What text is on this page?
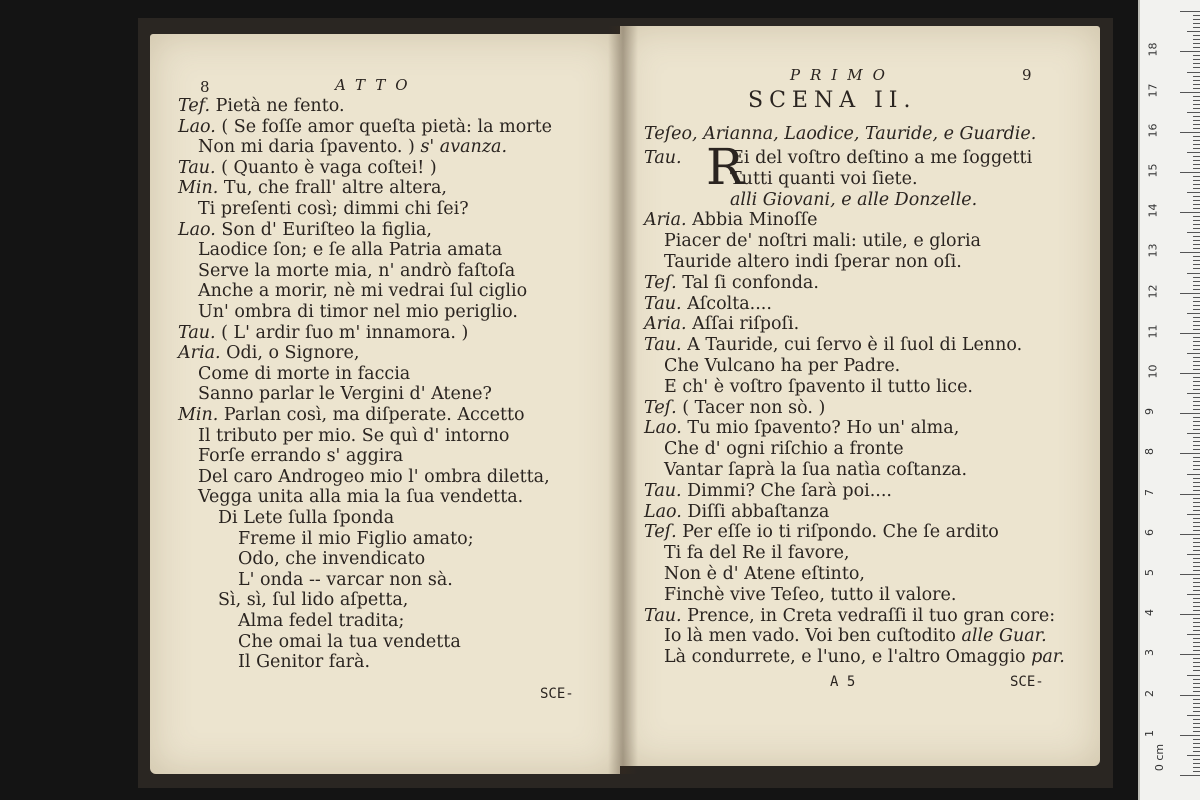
8	ATTO
Tef. Pietà ne fento.
Lao. ( Se foſſe amor queſta pietà: la morte
Non mi daria ſpavento. ) s' avanza.
Tau. ( Quanto è vaga coſtei! )
Min. Tu, che frall' altre altera,
Ti preſenti così; dimmi chi ſei?
Lao. Son d' Euriſteo la figlia,
Laodice ſon; e ſe alla Patria amata
Serve la morte mia, n' andrò faſtoſa
Anche a morir, nè mi vedrai ſul ciglio
Un' ombra di timor nel mio periglio.
Tau. ( L' ardir ſuo m' innamora. )
Aria. Odi, o Signore,
Come di morte in faccia
Sanno parlar le Vergini d' Atene?
Min. Parlan così, ma diſperate. Accetto
Il tributo per mio. Se quì d' intorno
Forſe errando s' aggira
Del caro Androgeo mio l' ombra diletta,
Vegga unita alla mia la ſua vendetta.
Di Lete ſulla ſponda
Freme il mio Figlio amato;
Odo, che invendicato
L' onda -- varcar non sà.
Sì, sì, ſul lido aſpetta,
Alma fedel tradita;
Che omai la tua vendetta
Il Genitor farà.
SCE-
PRIMO	9
SCENA II.
Teſeo, Arianna, Laodice, Tauride, e Guardie.
R
Tau.	Ei del voſtro deſtino a me ſoggetti
Tutti quanti voi ſiete.
alli Giovani, e alle Donzelle.
Aria. Abbia Minoſſe
Piacer de' noſtri mali: utile, e gloria
Tauride altero indi ſperar non oſi.
Teſ. Tal ſi confonda.
Tau. Aſcolta....
Aria. Aſſai riſpoſi.
Tau. A Tauride, cui ſervo è il ſuol di Lenno.
Che Vulcano ha per Padre.
E ch' è voſtro ſpavento il tutto lice.
Teſ. ( Tacer non sò. )
Lao. Tu mio ſpavento? Ho un' alma,
Che d' ogni riſchio a fronte
Vantar ſaprà la ſua natìa coſtanza.
Tau. Dimmi? Che ſarà poi....
Lao. Diſſi abbaſtanza
Teſ. Per eſſe io ti riſpondo. Che ſe ardito
Ti fa del Re il favore,
Non è d' Atene eſtinto,
Finchè vive Teſeo, tutto il valore.
Tau. Prence, in Creta vedraſſi il tuo gran core:
Io là men vado. Voi ben cuſtodito alle Guar.
Là condurrete, e l'uno, e l'altro Omaggio par.
A 5	SCE-
0 cm
1
2
3
4
5
6
7
8
9
10
11
12
13
14
15
16
17
18
